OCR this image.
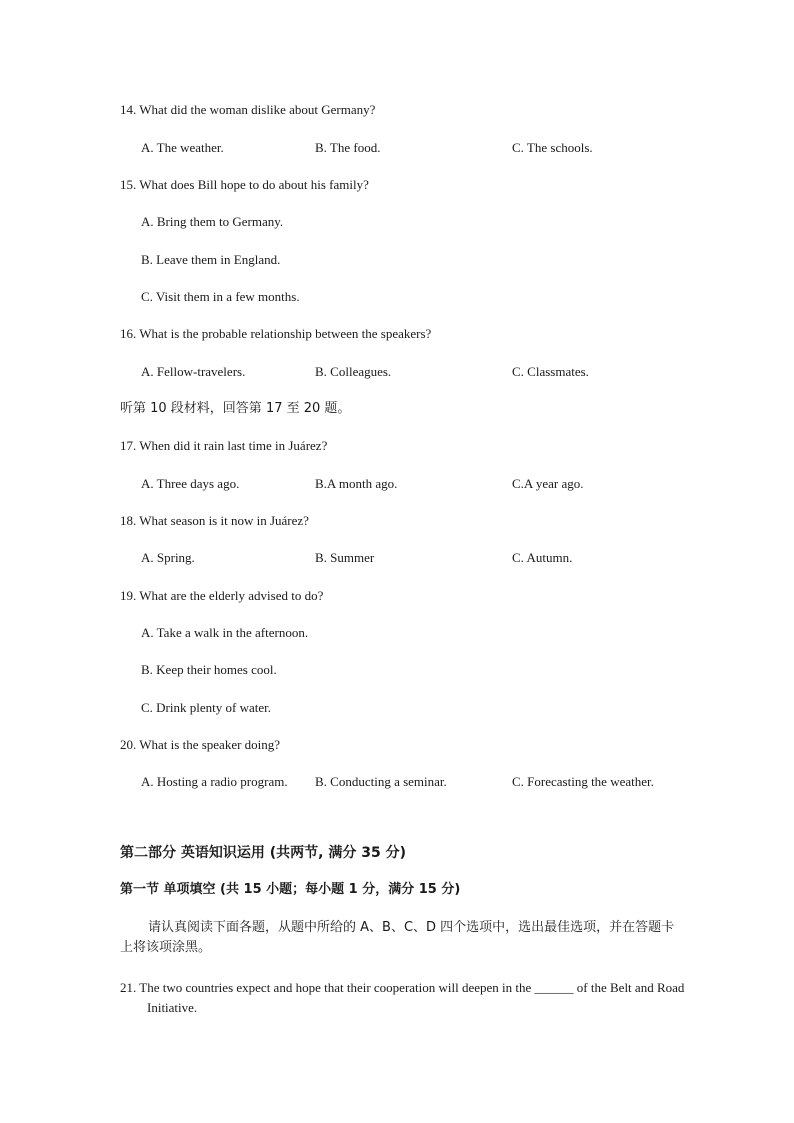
14. What did the woman dislike about Germany?
A. The weather.	B. The food.	C. The schools.
15. What does Bill hope to do about his family?
A. Bring them to Germany.
B. Leave them in England.
C. Visit them in a few months.
16. What is the probable relationship between the speakers?
A. Fellow-travelers.	B. Colleagues.	C. Classmates.
听第 10 段材料，回答第 17 至 20 题。
17. When did it rain last time in Juárez?
A. Three days ago.	B.A month ago.	C.A year ago.
18. What season is it now in Juárez?
A. Spring.	B. Summer	C. Autumn.
19. What are the elderly advised to do?
A. Take a walk in the afternoon.
B. Keep their homes cool.
C. Drink plenty of water.
20. What is the speaker doing?
A. Hosting a radio program. B. Conducting a seminar.	C. Forecasting the weather.
第二部分 英语知识运用 (共两节, 满分 35 分)
第一节 单项填空 (共 15 小题；每小题 1 分，满分 15 分)
请认真阅读下面各题，从题中所给的 A、B、C、D 四个选项中，选出最佳选项，并在答题卡上将该项涂黑。
21. The two countries expect and hope that their cooperation will deepen in the ______ of the Belt and Road Initiative.
